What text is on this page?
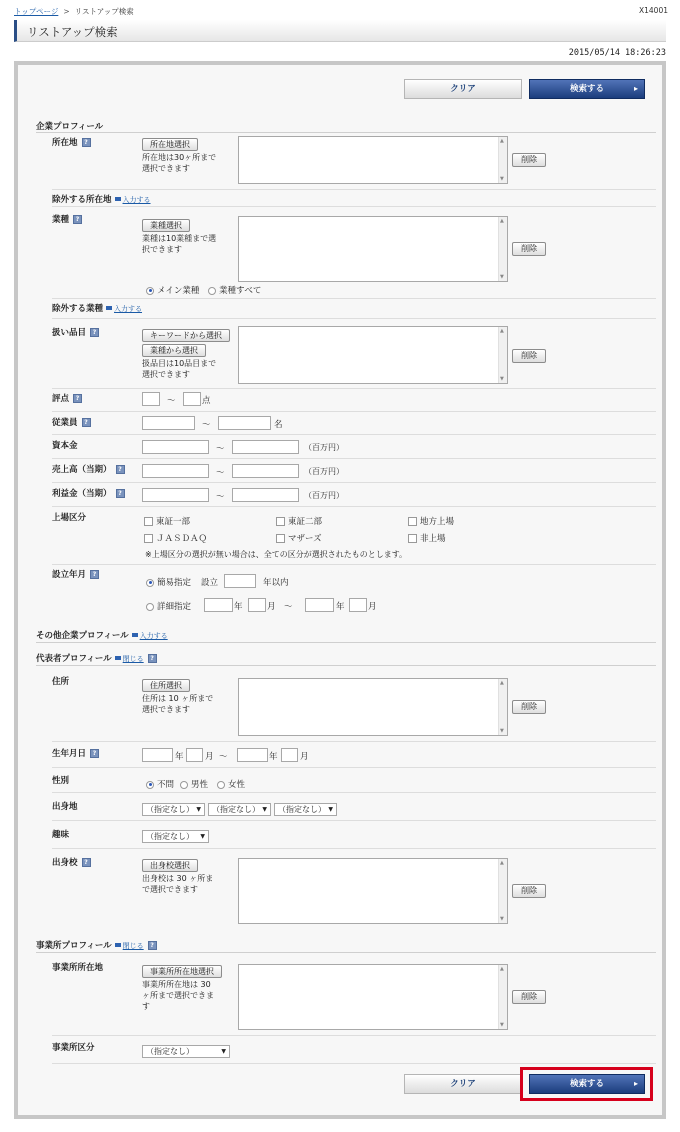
トップページ > リストアップ検索	X14001
リストアップ検索
2015/05/14 18:26:23
クリア	検索する	▸
企業プロフィール
所在地 ?	所在地選択
所在地は30ヶ所まで
選択できます
▲ ▼
削除
除外する所在地 入力する
業種 ?
業種選択
業種は10業種まで選
択できます ▲ ▼	削除
メイン業種	業種すべて
除外する業種 入力する
扱い品目 ?	キーワードから選択
業種から選択
扱品目は10品目まで
選択できます
▲ ▼
削除
評点 ?	～	点
従業員 ?	～	名
資本金	～	（百万円）
売上高（当期） ?	～	（百万円）
利益金（当期） ?	～	（百万円）
上場区分	東証一部	東証二部	地方上場
ＪＡＳＤＡＱ	マザーズ	非上場
※上場区分の選択が無い場合は、全ての区分が選択されたものとします。
設立年月 ?
簡易指定 設立	年以内
詳細指定	年	月 ～	年	月
その他企業プロフィール 入力する
代表者プロフィール 閉じる ?
住所	住所選択
住所は 10 ヶ所まで
選択できます ▲ ▼	削除
生年月日 ?	年	月 ～	年	月
性別	不問	男性	女性
出身地	（指定なし） ▼	（指定なし） ▼	（指定なし） ▼
趣味	（指定なし） ▼
出身校 ?	出身校選択
出身校は 30 ヶ所ま
で選択できます ▲ ▼	削除
事業所プロフィール 閉じる ?
事業所所在地	事業所所在地選択
事業所所在地は 30
ヶ所まで選択できま
す
▲ ▼
削除
事業所区分	（指定なし）	▼
クリア	検索する	▸
